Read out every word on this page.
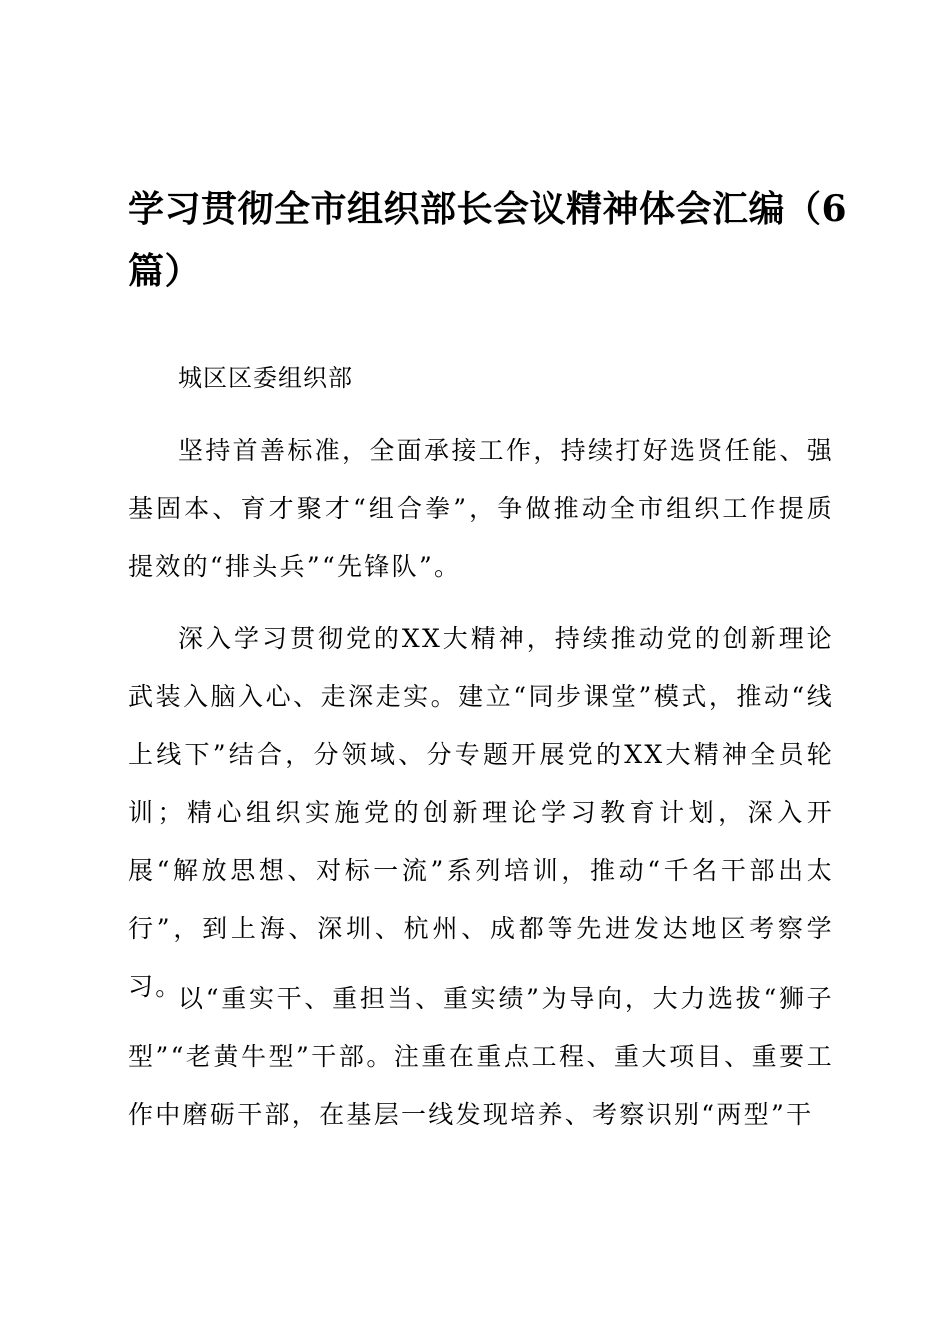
学习贯彻全市组织部长会议精神体会汇编（6篇）

城区区委组织部

坚持首善标准，全面承接工作，持续打好选贤任能、强基固本、育才聚才“组合拳”，争做推动全市组织工作提质提效的“排头兵”“先锋队”。

深入学习贯彻党的XX大精神，持续推动党的创新理论武装入脑入心、走深走实。建立“同步课堂”模式，推动“线上线下”结合，分领域、分专题开展党的XX大精神全员轮训；精心组织实施党的创新理论学习教育计划，深入开展“解放思想、对标一流”系列培训，推动“千名干部出太行”，到上海、深圳、杭州、成都等先进发达地区考察学习。

以“重实干、重担当、重实绩”为导向，大力选拔“狮子型”“老黄牛型”干部。注重在重点工程、重大项目、重要工作中磨砺干部，在基层一线发现培养、考察识别“两型”干
